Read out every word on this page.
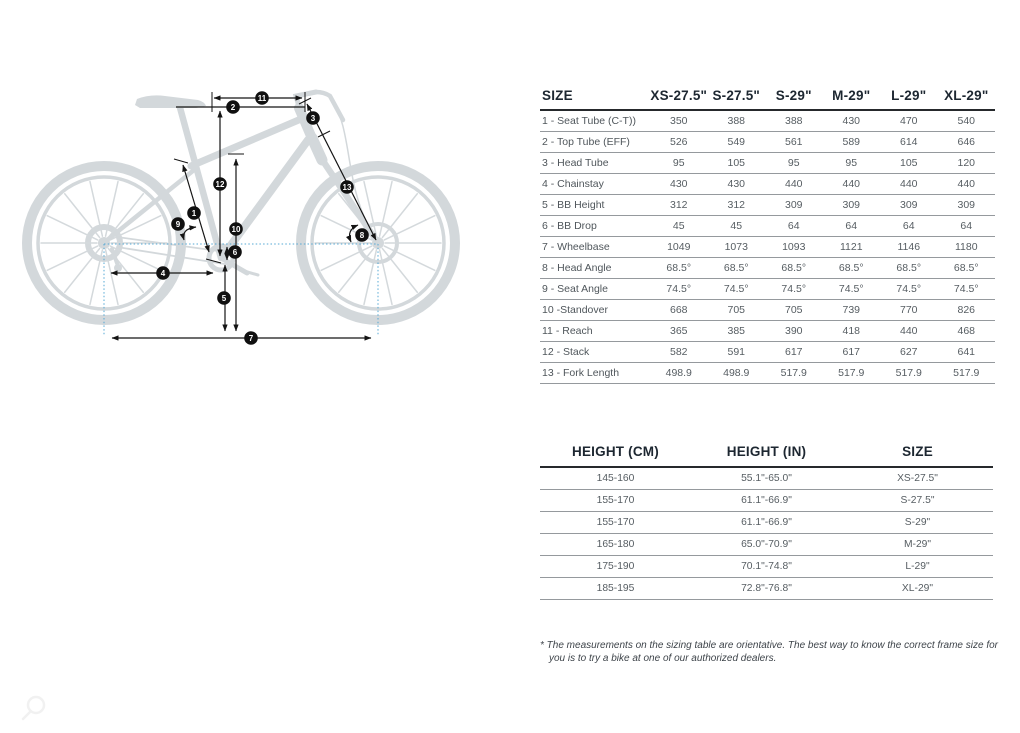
1
2
3
4
5
6
7
8
9
10
11
12	13
SIZE	XS-27.5"	S-27.5"	S-29"	M-29"	L-29"	XL-29"
1 - Seat Tube (C-T))	350	388	388	430	470	540
2 - Top Tube (EFF)	526	549	561	589	614	646
3 - Head Tube	95	105	95	95	105	120
4 - Chainstay	430	430	440	440	440	440
5 - BB Height	312	312	309	309	309	309
6 - BB Drop	45	45	64	64	64	64
7 - Wheelbase	1049	1073	1093	1121	1146	1180
8 - Head Angle	68.5°	68.5°	68.5°	68.5°	68.5°	68.5°
9 - Seat Angle	74.5°	74.5°	74.5°	74.5°	74.5°	74.5°
10 -Standover	668	705	705	739	770	826
11 - Reach	365	385	390	418	440	468
12 - Stack	582	591	617	617	627	641
13 - Fork Length	498.9	498.9	517.9	517.9	517.9	517.9
HEIGHT (CM)	HEIGHT (IN)	SIZE
145-160	55.1"-65.0"	XS-27.5"
155-170	61.1"-66.9"	S-27.5"
155-170	61.1"-66.9"	S-29"
165-180	65.0"-70.9"	M-29"
175-190	70.1"-74.8"	L-29"
185-195	72.8"-76.8"	XL-29"

* The measurements on the sizing table are orientative. The best way to know the correct frame size for you is to try a bike at one of our authorized dealers.
